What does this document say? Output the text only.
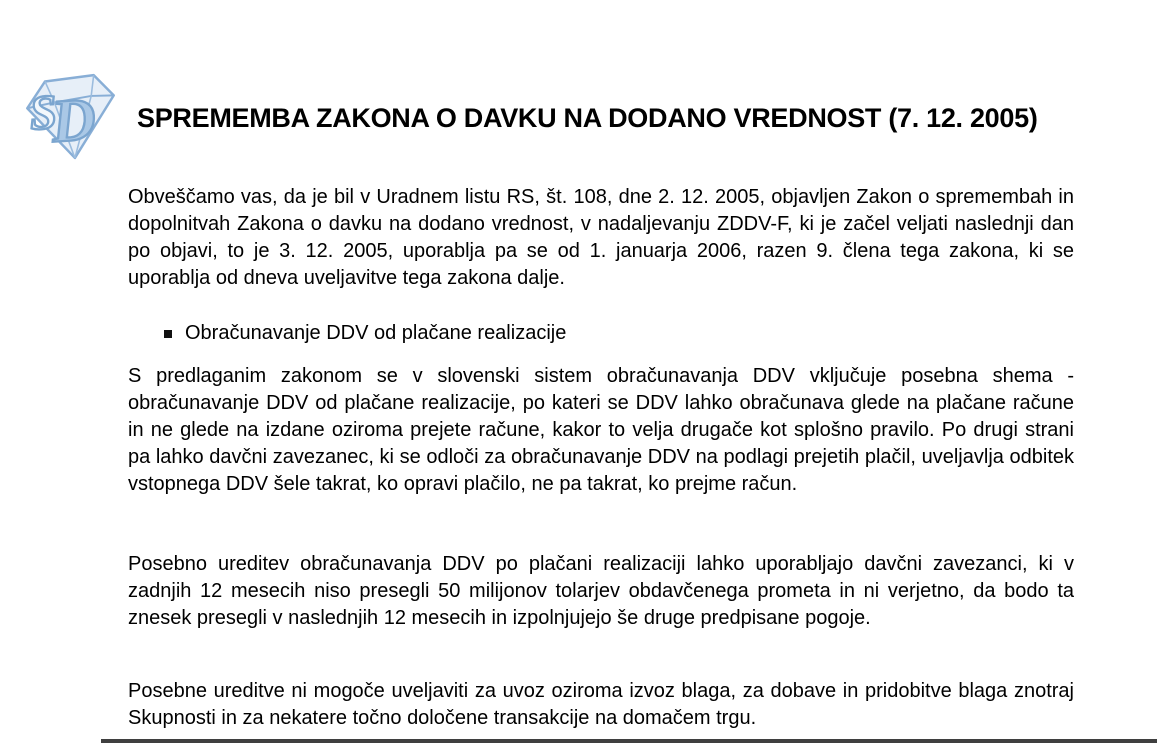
S
D SPREMEMBA ZAKONA O DAVKU NA DODANO VREDNOST (7. 12. 2005)
Obveščamo vas, da je bil v Uradnem listu RS, št. 108, dne 2. 12. 2005, objavljen Zakon o spremembah in dopolnitvah Zakona o davku na dodano vrednost, v nadaljevanju ZDDV-F, ki je začel veljati naslednji dan po objavi, to je 3. 12. 2005, uporablja pa se od 1. januarja 2006, razen 9. člena tega zakona, ki se uporablja od dneva uveljavitve tega zakona dalje.
Obračunavanje DDV od plačane realizacije
S predlaganim zakonom se v slovenski sistem obračunavanja DDV vključuje posebna shema - obračunavanje DDV od plačane realizacije, po kateri se DDV lahko obračunava glede na plačane račune in ne glede na izdane oziroma prejete račune, kakor to velja drugače kot splošno pravilo. Po drugi strani pa lahko davčni zavezanec, ki se odloči za obračunavanje DDV na podlagi prejetih plačil, uveljavlja odbitek vstopnega DDV šele takrat, ko opravi plačilo, ne pa takrat, ko prejme račun.
Posebno ureditev obračunavanja DDV po plačani realizaciji lahko uporabljajo davčni zavezanci, ki v zadnjih 12 mesecih niso presegli 50 milijonov tolarjev obdavčenega prometa in ni verjetno, da bodo ta znesek presegli v naslednjih 12 mesecih in izpolnjujejo še druge predpisane pogoje.
Posebne ureditve ni mogoče uveljaviti za uvoz oziroma izvoz blaga, za dobave in pridobitve blaga znotraj Skupnosti in za nekatere točno določene transakcije na domačem trgu.
